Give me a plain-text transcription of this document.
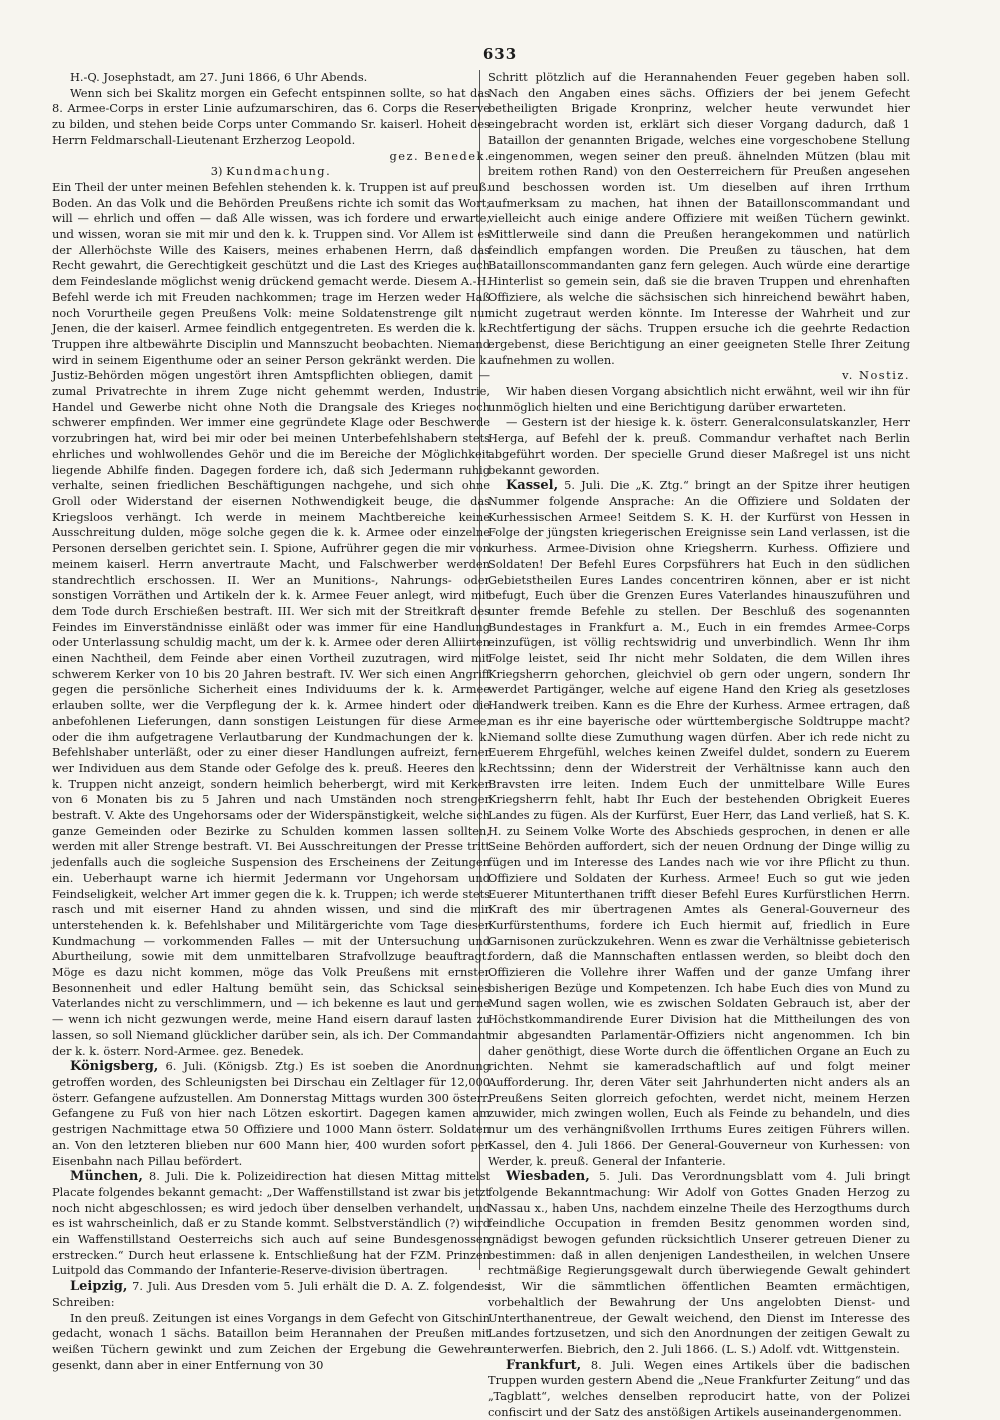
633

H.-Q. Josephstadt, am 27. Juni 1866, 6 Uhr Abends.

Wenn sich bei Skalitz morgen ein Gefecht entspinnen sollte, so hat das 8. Armee-Corps in erster Linie aufzumarschiren, das 6. Corps die Reserve zu bilden, und stehen beide Corps unter Commando Sr. kaiserl. Hoheit des Herrn Feldmarschall-Lieutenant Erzherzog Leopold.

gez. Benedek.

3) Kundmachung.

Ein Theil der unter meinen Befehlen stehenden k. k. Truppen ist auf preuß. Boden. An das Volk und die Behörden Preußens richte ich somit das Wort; will — ehrlich und offen — daß Alle wissen, was ich fordere und erwarte, und wissen, woran sie mit mir und den k. k. Truppen sind. Vor Allem ist es der Allerhöchste Wille des Kaisers, meines erhabenen Herrn, daß das Recht gewahrt, die Gerechtigkeit geschützt und die Last des Krieges auch dem Feindeslande möglichst wenig drückend gemacht werde. Diesem A.-H. Befehl werde ich mit Freuden nachkommen; trage im Herzen weder Haß noch Vorurtheile gegen Preußens Volk: meine Soldatenstrenge gilt nur Jenen, die der kaiserl. Armee feindlich entgegentreten. Es werden die k. k. Truppen ihre altbewährte Disciplin und Mannszucht beobachten. Niemand wird in seinem Eigenthume oder an seiner Person gekränkt werden. Die k. Justiz-Behörden mögen ungestört ihren Amtspflichten obliegen, damit — zumal Privatrechte in ihrem Zuge nicht gehemmt werden, Industrie, Handel und Gewerbe nicht ohne Noth die Drangsale des Krieges noch schwerer empfinden. Wer immer eine gegründete Klage oder Beschwerde vorzubringen hat, wird bei mir oder bei meinen Unterbefehlshabern stets ehrliches und wohlwollendes Gehör und die im Bereiche der Möglichkeit liegende Abhilfe finden. Dagegen fordere ich, daß sich Jedermann ruhig verhalte, seinen friedlichen Beschäftigungen nachgehe, und sich ohne Groll oder Widerstand der eisernen Nothwendigkeit beuge, die das Kriegsloos verhängt. Ich werde in meinem Machtbereiche keine Ausschreitung dulden, möge solche gegen die k. k. Armee oder einzelne Personen derselben gerichtet sein. I. Spione, Aufrührer gegen die mir von meinem kaiserl. Herrn anvertraute Macht, und Falschwerber werden standrechtlich erschossen. II. Wer an Munitions-, Nahrungs- oder sonstigen Vorräthen und Artikeln der k. k. Armee Feuer anlegt, wird mit dem Tode durch Erschießen bestraft. III. Wer sich mit der Streitkraft des Feindes im Einverständnisse einläßt oder was immer für eine Handlung oder Unterlassung schuldig macht, um der k. k. Armee oder deren Alliirten einen Nachtheil, dem Feinde aber einen Vortheil zuzutragen, wird mit schwerem Kerker von 10 bis 20 Jahren bestraft. IV. Wer sich einen Angriff gegen die persönliche Sicherheit eines Individuums der k. k. Armee erlauben sollte, wer die Verpflegung der k. k. Armee hindert oder die anbefohlenen Lieferungen, dann sonstigen Leistungen für diese Armee, oder die ihm aufgetragene Verlautbarung der Kundmachungen der k. k. Befehlshaber unterläßt, oder zu einer dieser Handlungen aufreizt, ferner wer Individuen aus dem Stande oder Gefolge des k. preuß. Heeres den k. k. Truppen nicht anzeigt, sondern heimlich beherbergt, wird mit Kerker von 6 Monaten bis zu 5 Jahren und nach Umständen noch strenger bestraft. V. Akte des Ungehorsams oder der Widerspänstigkeit, welche sich ganze Gemeinden oder Bezirke zu Schulden kommen lassen sollten, werden mit aller Strenge bestraft. VI. Bei Ausschreitungen der Presse tritt jedenfalls auch die sogleiche Suspension des Erscheinens der Zeitungen ein. Ueberhaupt warne ich hiermit Jedermann vor Ungehorsam und Feindseligkeit, welcher Art immer gegen die k. k. Truppen; ich werde stets rasch und mit eiserner Hand zu ahnden wissen, und sind die mir unterstehenden k. k. Befehlshaber und Militärgerichte vom Tage dieser Kundmachung — vorkommenden Falles — mit der Untersuchung und Aburtheilung, sowie mit dem unmittelbaren Strafvollzuge beauftragt. Möge es dazu nicht kommen, möge das Volk Preußens mit ernster Besonnenheit und edler Haltung bemüht sein, das Schicksal seines Vaterlandes nicht zu verschlimmern, und — ich bekenne es laut und gerne — wenn ich nicht gezwungen werde, meine Hand eisern darauf lasten zu lassen, so soll Niemand glücklicher darüber sein, als ich. Der Commandant der k. k. österr. Nord-Armee. gez. Benedek.

Königsberg, 6. Juli. (Königsb. Ztg.) Es ist soeben die Anordnung getroffen worden, des Schleunigsten bei Dirschau ein Zeltlager für 12,000 österr. Gefangene aufzustellen. Am Donnerstag Mittags wurden 300 österr. Gefangene zu Fuß von hier nach Lötzen eskortirt. Dagegen kamen am gestrigen Nachmittage etwa 50 Offiziere und 1000 Mann österr. Soldaten an. Von den letzteren blieben nur 600 Mann hier, 400 wurden sofort per Eisenbahn nach Pillau befördert.

München, 8. Juli. Die k. Polizeidirection hat diesen Mittag mittelst Placate folgendes bekannt gemacht: „Der Waffenstillstand ist zwar bis jetzt noch nicht abgeschlossen; es wird jedoch über denselben verhandelt, und es ist wahrscheinlich, daß er zu Stande kommt. Selbstverständlich (?) wird ein Waffenstillstand Oesterreichs sich auch auf seine Bundesgenossen erstrecken.“ Durch heut erlassene k. Entschließung hat der FZM. Prinzen Luitpold das Commando der Infanterie-Reserve-division übertragen.

Leipzig, 7. Juli. Aus Dresden vom 5. Juli erhält die D. A. Z. folgendes Schreiben:

In den preuß. Zeitungen ist eines Vorgangs in dem Gefecht von Gitschin gedacht, wonach 1 sächs. Bataillon beim Herannahen der Preußen mit weißen Tüchern gewinkt und zum Zeichen der Ergebung die Gewehre gesenkt, dann aber in einer Entfernung von 30

Schritt plötzlich auf die Herannahenden Feuer gegeben haben soll. Nach den Angaben eines sächs. Offiziers der bei jenem Gefecht betheiligten Brigade Kronprinz, welcher heute verwundet hier eingebracht worden ist, erklärt sich dieser Vorgang dadurch, daß 1 Bataillon der genannten Brigade, welches eine vorgeschobene Stellung eingenommen, wegen seiner den preuß. ähnelnden Mützen (blau mit breitem rothen Rand) von den Oesterreichern für Preußen angesehen und beschossen worden ist. Um dieselben auf ihren Irrthum aufmerksam zu machen, hat ihnen der Bataillonscommandant und vielleicht auch einige andere Offiziere mit weißen Tüchern gewinkt. Mittlerweile sind dann die Preußen herangekommen und natürlich feindlich empfangen worden. Die Preußen zu täuschen, hat dem Bataillonscommandanten ganz fern gelegen. Auch würde eine derartige Hinterlist so gemein sein, daß sie die braven Truppen und ehrenhaften Offiziere, als welche die sächsischen sich hinreichend bewährt haben, nicht zugetraut werden könnte. Im Interesse der Wahrheit und zur Rechtfertigung der sächs. Truppen ersuche ich die geehrte Redaction ergebenst, diese Berichtigung an einer geeigneten Stelle Ihrer Zeitung aufnehmen zu wollen.

v. Nostiz.

Wir haben diesen Vorgang absichtlich nicht erwähnt, weil wir ihn für unmöglich hielten und eine Berichtigung darüber erwarteten.

— Gestern ist der hiesige k. k. österr. Generalconsulatskanzler, Herr Herga, auf Befehl der k. preuß. Commandur verhaftet nach Berlin abgeführt worden. Der specielle Grund dieser Maßregel ist uns nicht bekannt geworden.

Kassel, 5. Juli. Die „K. Ztg.“ bringt an der Spitze ihrer heutigen Nummer folgende Ansprache: An die Offiziere und Soldaten der Kurhessischen Armee! Seitdem S. K. H. der Kurfürst von Hessen in Folge der jüngsten kriegerischen Ereignisse sein Land verlassen, ist die kurhess. Armee-Division ohne Kriegsherrn. Kurhess. Offiziere und Soldaten! Der Befehl Eures Corpsführers hat Euch in den südlichen Gebietstheilen Eures Landes concentriren können, aber er ist nicht befugt, Euch über die Grenzen Eures Vaterlandes hinauszuführen und unter fremde Befehle zu stellen. Der Beschluß des sogenannten Bundestages in Frankfurt a. M., Euch in ein fremdes Armee-Corps einzufügen, ist völlig rechtswidrig und unverbindlich. Wenn Ihr ihm Folge leistet, seid Ihr nicht mehr Soldaten, die dem Willen ihres Kriegsherrn gehorchen, gleichviel ob gern oder ungern, sondern Ihr werdet Partigänger, welche auf eigene Hand den Krieg als gesetzloses Handwerk treiben. Kann es die Ehre der Kurhess. Armee ertragen, daß man es ihr eine bayerische oder württembergische Soldtruppe macht? Niemand sollte diese Zumuthung wagen dürfen. Aber ich rede nicht zu Euerem Ehrgefühl, welches keinen Zweifel duldet, sondern zu Euerem Rechtssinn; denn der Widerstreit der Verhältnisse kann auch den Bravsten irre leiten. Indem Euch der unmittelbare Wille Eures Kriegsherrn fehlt, habt Ihr Euch der bestehenden Obrigkeit Eueres Landes zu fügen. Als der Kurfürst, Euer Herr, das Land verließ, hat S. K. H. zu Seinem Volke Worte des Abschieds gesprochen, in denen er alle Seine Behörden auffordert, sich der neuen Ordnung der Dinge willig zu fügen und im Interesse des Landes nach wie vor ihre Pflicht zu thun. Offiziere und Soldaten der Kurhess. Armee! Euch so gut wie jeden Euerer Mitunterthanen trifft dieser Befehl Eures Kurfürstlichen Herrn. Kraft des mir übertragenen Amtes als General-Gouverneur des Kurfürstenthums, fordere ich Euch hiermit auf, friedlich in Eure Garnisonen zurückzukehren. Wenn es zwar die Verhältnisse gebieterisch fordern, daß die Mannschaften entlassen werden, so bleibt doch den Offizieren die Vollehre ihrer Waffen und der ganze Umfang ihrer bisherigen Bezüge und Kompetenzen. Ich habe Euch dies von Mund zu Mund sagen wollen, wie es zwischen Soldaten Gebrauch ist, aber der Höchstkommandirende Eurer Division hat die Mittheilungen des von mir abgesandten Parlamentär-Offiziers nicht angenommen. Ich bin daher genöthigt, diese Worte durch die öffentlichen Organe an Euch zu richten. Nehmt sie kameradschaftlich auf und folgt meiner Aufforderung. Ihr, deren Väter seit Jahrhunderten nicht anders als an Preußens Seiten glorreich gefochten, werdet nicht, meinem Herzen zuwider, mich zwingen wollen, Euch als Feinde zu behandeln, und dies nur um des verhängnißvollen Irrthums Eures zeitigen Führers willen. Kassel, den 4. Juli 1866. Der General-Gouverneur von Kurhessen: von Werder, k. preuß. General der Infanterie.

Wiesbaden, 5. Juli. Das Verordnungsblatt vom 4. Juli bringt folgende Bekanntmachung: Wir Adolf von Gottes Gnaden Herzog zu Nassau x., haben Uns, nachdem einzelne Theile des Herzogthums durch feindliche Occupation in fremden Besitz genommen worden sind, gnädigst bewogen gefunden rücksichtlich Unserer getreuen Diener zu bestimmen: daß in allen denjenigen Landestheilen, in welchen Unsere rechtmäßige Regierungsgewalt durch überwiegende Gewalt gehindert ist, Wir die sämmtlichen öffentlichen Beamten ermächtigen, vorbehaltlich der Bewahrung der Uns angelobten Dienst- und Unterthanentreue, der Gewalt weichend, den Dienst im Interesse des Landes fortzusetzen, und sich den Anordnungen der zeitigen Gewalt zu unterwerfen. Biebrich, den 2. Juli 1866. (L. S.) Adolf. vdt. Wittgenstein.

Frankfurt, 8. Juli. Wegen eines Artikels über die badischen Truppen wurden gestern Abend die „Neue Frankfurter Zeitung“ und das „Tagblatt“, welches denselben reproducirt hatte, von der Polizei confiscirt und der Satz des anstößigen Artikels auseinandergenommen.
